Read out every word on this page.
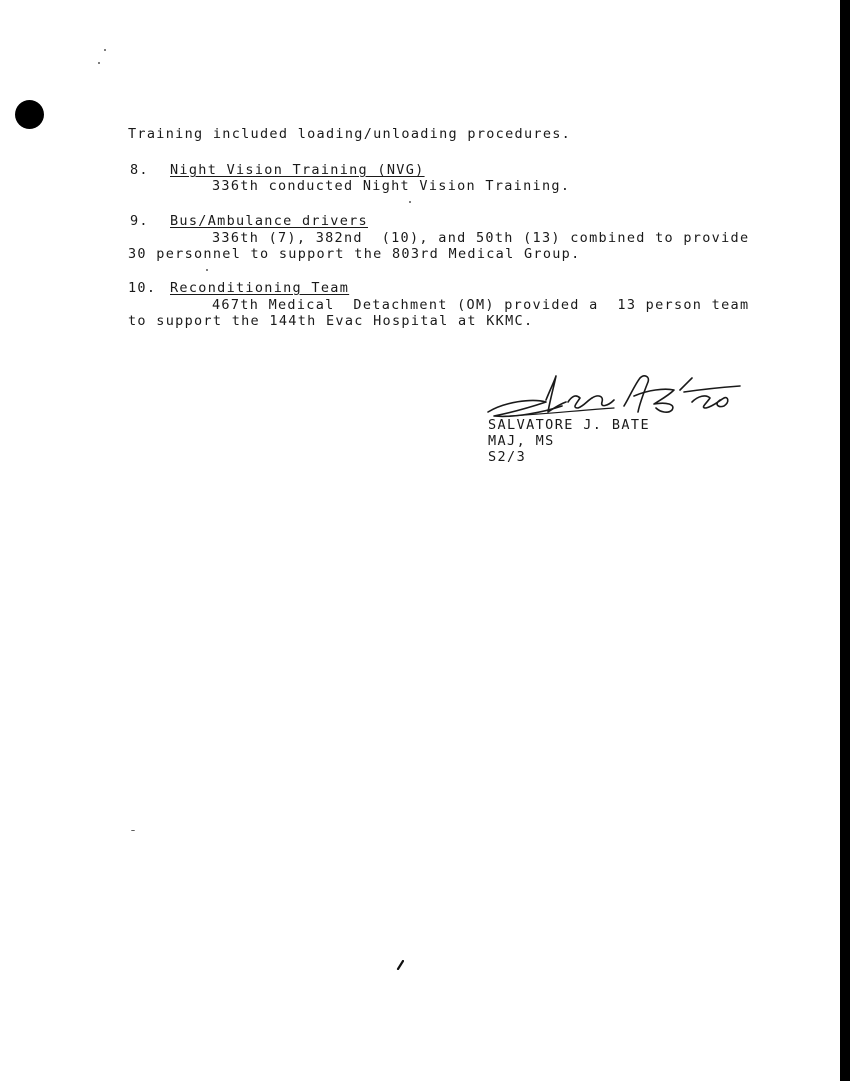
Training included loading/unloading procedures.
8. Night Vision Training (NVG)
336th conducted Night Vision Training.
9. Bus/Ambulance drivers
336th (7), 382nd  (10), and 50th (13) combined to provide
30 personnel to support the 803rd Medical Group.
10. Reconditioning Team
467th Medical  Detachment (OM) provided a  13 person team
to support the 144th Evac Hospital at KKMC.
SALVATORE J. BATE
MAJ, MS
S2/3
